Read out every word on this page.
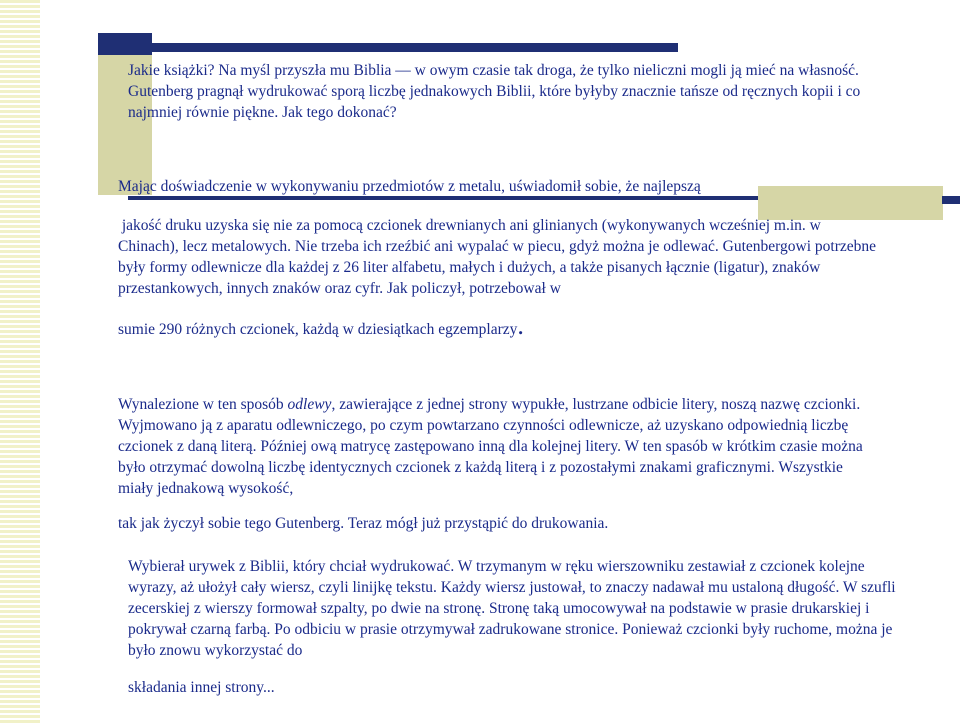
Jakie książki? Na myśl przyszła mu Biblia — w owym czasie tak droga, że tylko nieliczni mogli ją mieć na własność. Gutenberg pragnął wydrukować sporą liczbę jednakowych Biblii, które byłyby znacznie tańsze od ręcznych kopii i co najmniej równie piękne. Jak tego dokonać?

Mając doświadczenie w wykonywaniu przedmiotów z metalu, uświadomił sobie, że najlepszą

jakość druku uzyska się nie za pomocą czcionek drewnianych ani glinianych (wykonywanych wcześniej m.in. w Chinach), lecz metalowych. Nie trzeba ich rzeźbić ani wypalać w piecu, gdyż można je odlewać. Gutenbergowi potrzebne były formy odlewnicze dla każdej z 26 liter alfabetu, małych i dużych, a także pisanych łącznie (ligatur), znaków przestankowych, innych znaków oraz cyfr. Jak policzył, potrzebował w

sumie 290 różnych czcionek, każdą w dziesiątkach egzemplarzy.

Wynalezione w ten sposób odlewy, zawierające z jednej strony wypukłe, lustrzane odbicie litery, noszą nazwę czcionki. Wyjmowano ją z aparatu odlewniczego, po czym powtarzano czynności odlewnicze, aż uzyskano odpowiednią liczbę czcionek z daną literą. Później ową matrycę zastępowano inną dla kolejnej litery. W ten spasób w krótkim czasie można było otrzymać dowolną liczbę identycznych czcionek z każdą literą i z pozostałymi znakami graficznymi. Wszystkie miały jednakową wysokość,

tak jak życzył sobie tego Gutenberg. Teraz mógł już przystąpić do drukowania.

Wybierał urywek z Biblii, który chciał wydrukować. W trzymanym w ręku wierszowniku zestawiał z czcionek kolejne wyrazy, aż ułożył cały wiersz, czyli linijkę tekstu. Każdy wiersz justował, to znaczy nadawał mu ustaloną długość. W szufli zecerskiej z wierszy formował szpalty, po dwie na stronę. Stronę taką umocowywał na podstawie w prasie drukarskiej i pokrywał czarną farbą. Po odbiciu w prasie otrzymywał zadrukowane stronice. Ponieważ czcionki były ruchome, można je było znowu wykorzystać do

składania innej strony...
